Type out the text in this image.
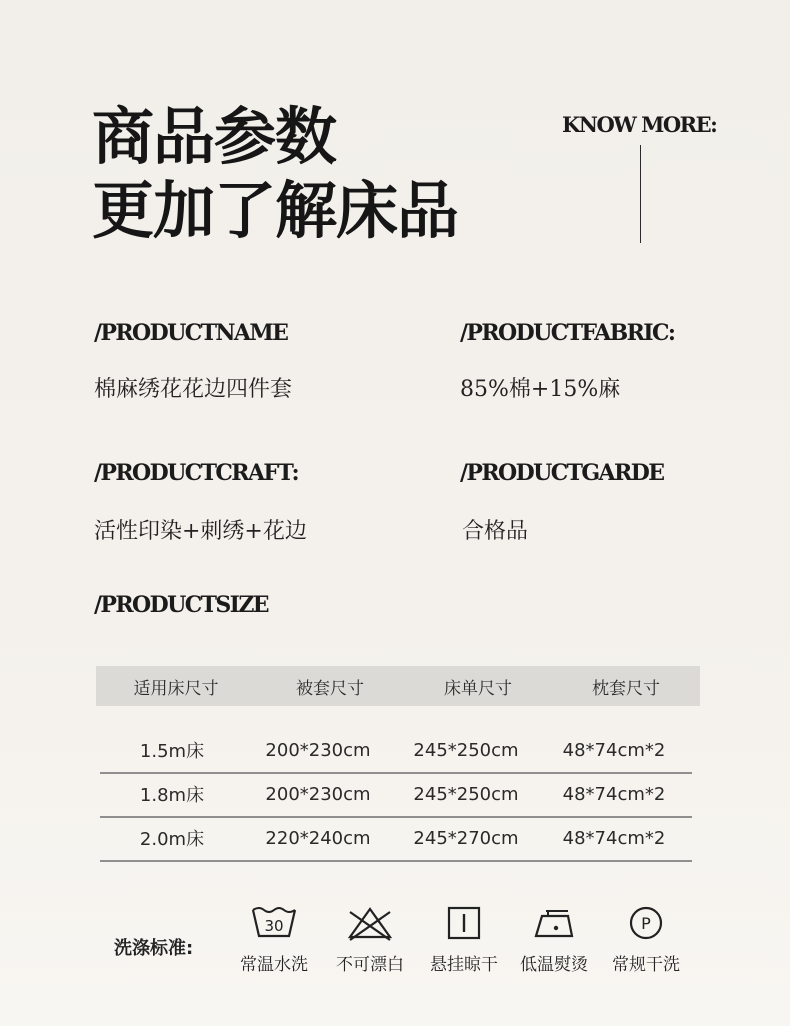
商品参数
更加了解床品
KNOW MORE:
/PRODUCTNAME
棉麻绣花花边四件套
/PRODUCTFABRIC:
85%棉+15%麻
/PRODUCTCRAFT:
活性印染+刺绣+花边
/PRODUCTGARDE
合格品
/PRODUCTSIZE
适用床尺寸	被套尺寸	床单尺寸	枕套尺寸
1.5m床	200*230cm	245*250cm	48*74cm*2
1.8m床	200*230cm	245*250cm	48*74cm*2
2.0m床	220*240cm	245*270cm	48*74cm*2
洗涤标准:
30
常温水洗	不可漂白	悬挂晾干	低温熨烫
P
常规干洗
